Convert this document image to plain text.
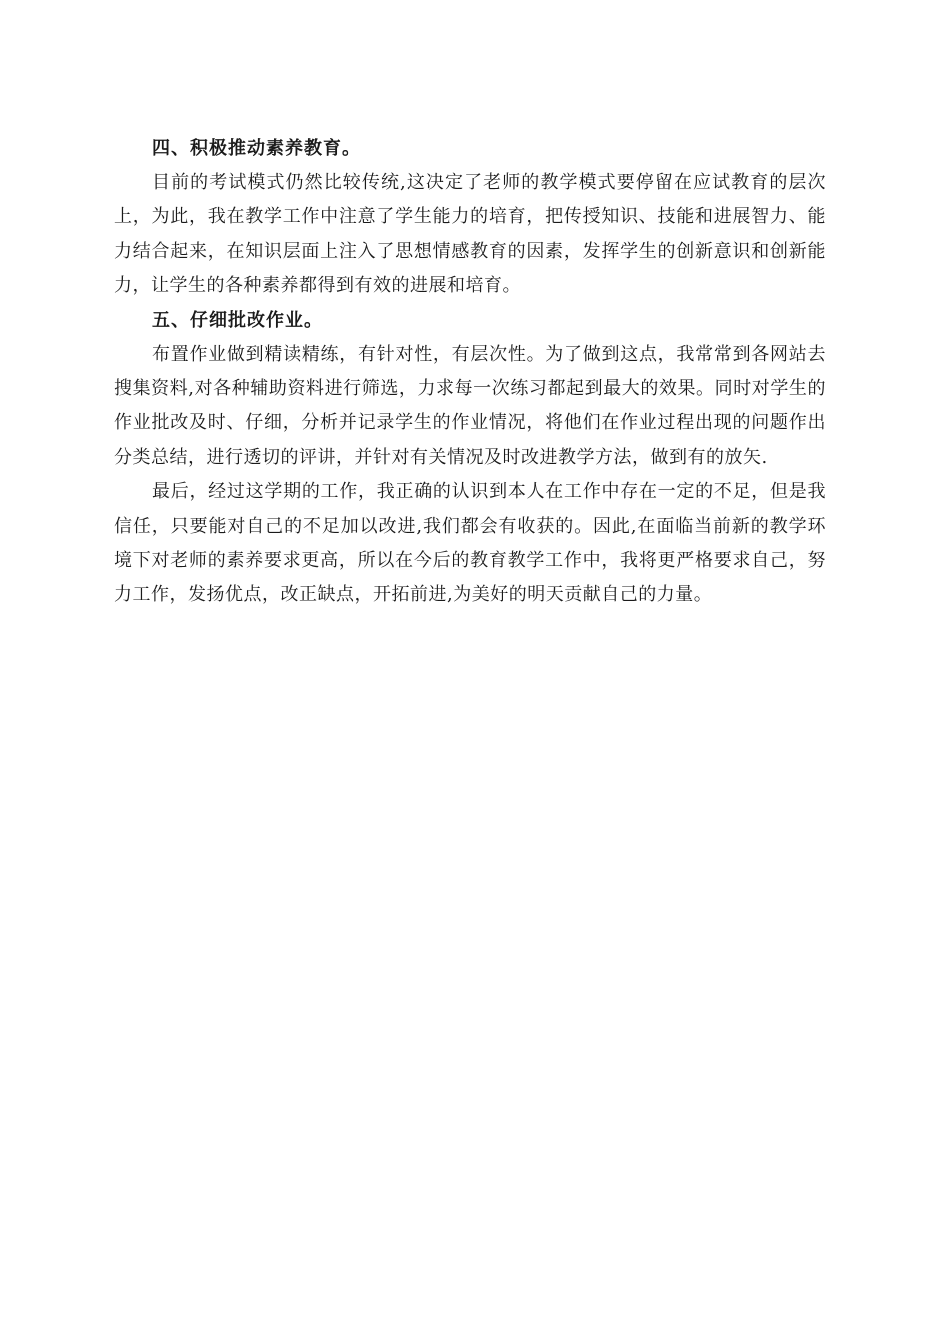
四、积极推动素养教育。

目前的考试模式仍然比较传统,这决定了老师的教学模式要停留在应试教育的层次上，为此，我在教学工作中注意了学生能力的培育，把传授知识、技能和进展智力、能力结合起来，在知识层面上注入了思想情感教育的因素，发挥学生的创新意识和创新能力，让学生的各种素养都得到有效的进展和培育。

五、仔细批改作业。

布置作业做到精读精练，有针对性，有层次性。为了做到这点，我常常到各网站去搜集资料,对各种辅助资料进行筛选，力求每一次练习都起到最大的效果。同时对学生的作业批改及时、仔细，分析并记录学生的作业情况，将他们在作业过程出现的问题作出分类总结，进行透切的评讲，并针对有关情况及时改进教学方法，做到有的放矢.

最后，经过这学期的工作，我正确的认识到本人在工作中存在一定的不足，但是我信任，只要能对自己的不足加以改进,我们都会有收获的。因此,在面临当前新的教学环境下对老师的素养要求更高，所以在今后的教育教学工作中，我将更严格要求自己，努力工作，发扬优点，改正缺点，开拓前进,为美好的明天贡献自己的力量。
